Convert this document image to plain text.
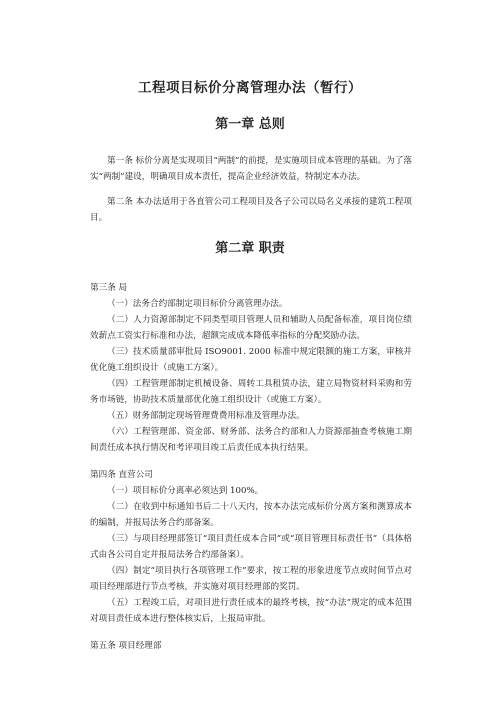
工程项目标价分离管理办法（暂行）
第一章 总则

第一条 标价分离是实现项目“两制”的前提，是实施项目成本管理的基础。为了落实“两制”建设，明确项目成本责任，提高企业经济效益，特制定本办法。

第二条 本办法适用于各直管公司工程项目及各子公司以局名义承接的建筑工程项目。

第二章 职责

第三条 局

（一）法务合约部制定项目标价分离管理办法。

（二）人力资源部制定不同类型项目管理人员和辅助人员配备标准，项目岗位绩效薪点工资实行标准和办法，超额完成成本降低率指标的分配奖励办法。

（三）技术质量部审批局 ISO9001. 2000 标准中规定限额的施工方案，审核并优化施工组织设计（或施工方案）。

（四）工程管理部制定机械设备、周转工具租赁办法，建立局物资材料采购和劳务市场链，协助技术质量部优化施工组织设计（或施工方案）。

（五）财务部制定现场管理费费用标准及管理办法。

（六）工程管理部、资金部、财务部、法务合约部和人力资源部抽查考核施工期间责任成本执行情况和考评项目竣工后责任成本执行结果。

第四条 直营公司

（一）项目标价分离率必须达到 100%。

（二）在收到中标通知书后二十八天内，按本办法完成标价分离方案和测算成本的编制，并报局法务合约部备案。

（三）与项目经理部签订“项目责任成本合同”或“项目管理目标责任书”（具体格式由各公司自定并报局法务合约部备案）。

（四）制定“项目执行各项管理工作”要求，按工程的形象进度节点或时间节点对项目经理部进行节点考核，并实施对项目经理部的奖罚。

（五）工程竣工后，对项目进行责任成本的最终考核，按“办法”规定的成本范围对项目责任成本进行整体核实后，上报局审批。

第五条 项目经理部
